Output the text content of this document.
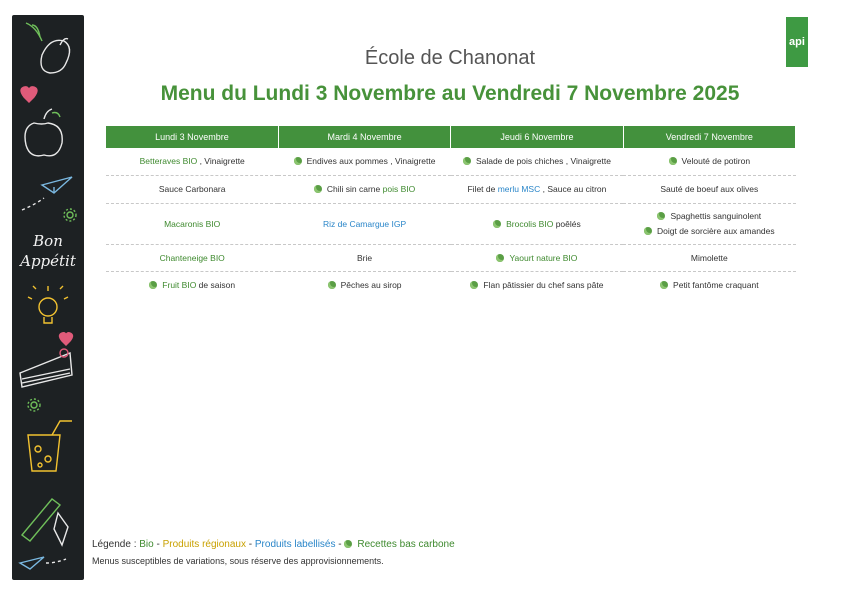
Bon
Appétit
api
École de Chanonat
Menu du Lundi 3 Novembre au Vendredi 7 Novembre 2025
Lundi 3 Novembre	Mardi 4 Novembre	Jeudi 6 Novembre	Vendredi 7 Novembre

Betteraves BIO , Vinaigrette	Endives aux pommes , Vinaigrette	Salade de pois chiches , Vinaigrette	Velouté de potiron

Sauce Carbonara	Chili sin carne pois BIO	Filet de merlu MSC , Sauce au citron	Sauté de boeuf aux olives

Macaronis BIO	Riz de Camargue IGP	Brocolis BIO poêlés	Spaghettis sanguinolent
Doigt de sorcière aux amandes

Chanteneige BIO	Brie	Yaourt nature BIO	Mimolette

Fruit BIO de saison	Pêches au sirop	Flan pâtissier du chef sans pâte	Petit fantôme craquant
Légende : Bio - Produits régionaux - Produits labellisés - Recettes bas carbone
Menus susceptibles de variations, sous réserve des approvisionnements.
